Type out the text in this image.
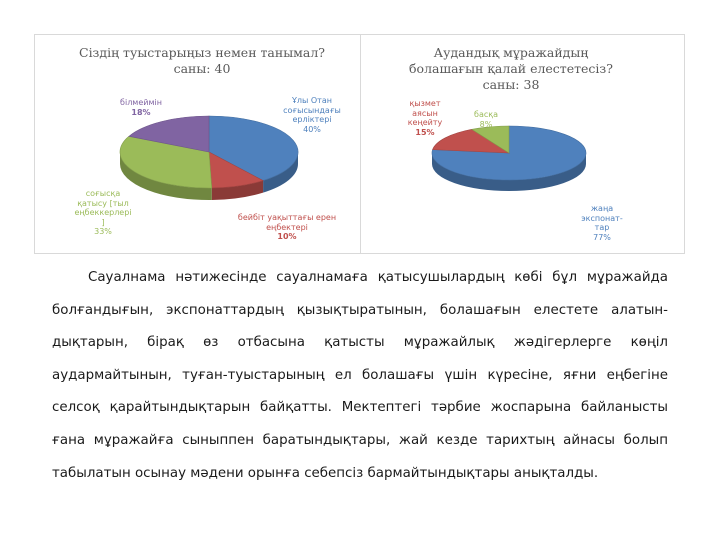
Сіздің туыстарыңыз немен танымал?
саны: 40
Ұлы Отан
соғысындағы
ерліктері
40%
бейбіт уақыттағы ерен
еңбектері
10%
соғысқа
қатысу [тыл
еңбеккерлері
]
33%
білмеймін
18%
Аудандық мұражайдың
болашағын қалай елестетесіз?
саны: 38
жаңа
экспонат-
тар
77%
қызмет
аясын
кеңейту
15%
басқа
8%
Сауалнама нәтижесінде сауалнамаға қатысушылардың көбі бұл мұражайда
болғандығын, экспонаттардың қызықтыратынын, болашағын елестете алатын-
дықтарын, бірақ өз отбасына қатысты мұражайлық жәдігерлерге көңіл
аудармайтынын, туған-туыстарының ел болашағы үшін күресіне, яғни еңбегіне
селсоқ қарайтындықтарын байқатты. Мектептегі тәрбие жоспарына байланысты
ғана мұражайға сыныппен баратындықтары, жай кезде тарихтың айнасы болып
табылатын осынау мәдени орынға себепсіз бармайтындықтары анықталды.
